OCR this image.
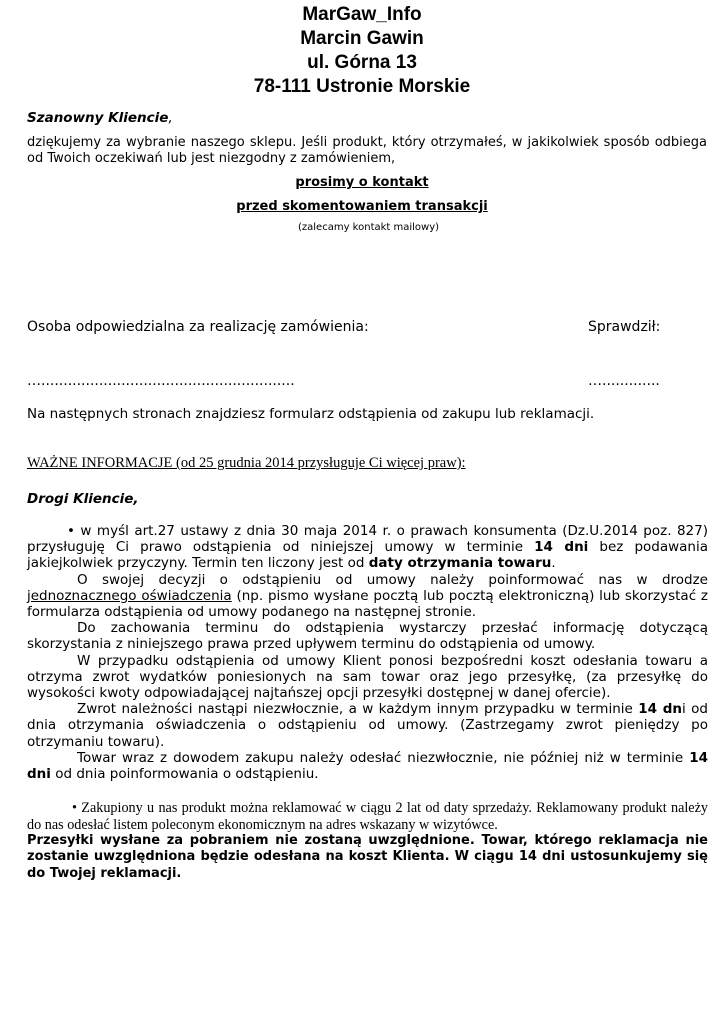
MarGaw_Info
Marcin Gawin
ul. Górna 13
78-111 Ustronie Morskie
Szanowny Kliencie,
dziękujemy za wybranie naszego sklepu. Jeśli produkt, który otrzymałeś, w jakikolwiek sposób odbiega od Twoich oczekiwań lub jest niezgodny z zamówieniem,
prosimy o kontakt
przed skomentowaniem transakcji
(zalecamy kontakt mailowy)
Osoba odpowiedzialna za realizację zamówienia:	Sprawdził:
….........................................................	….............
Na następnych stronach znajdziesz formularz odstąpienia od zakupu lub reklamacji.
WAŻNE INFORMACJE (od 25 grudnia 2014 przysługuje Ci więcej praw):
Drogi Kliencie,

• w myśl art.27 ustawy z dnia 30 maja 2014 r. o prawach konsumenta (Dz.U.2014 poz. 827) przysługuję Ci prawo odstąpienia od niniejszej umowy w terminie 14 dni bez podawania jakiejkolwiek przyczyny. Termin ten liczony jest od daty otrzymania towaru.

O swojej decyzji o odstąpieniu od umowy należy poinformować nas w drodze jednoznacznego oświadczenia (np. pismo wysłane pocztą lub pocztą elektroniczną) lub skorzystać z formularza odstąpienia od umowy podanego na następnej stronie.

Do zachowania terminu do odstąpienia wystarczy przesłać informację dotyczącą skorzystania z niniejszego prawa przed upływem terminu do odstąpienia od umowy.

W przypadku odstąpienia od umowy Klient ponosi bezpośredni koszt odesłania towaru a otrzyma zwrot wydatków poniesionych na sam towar oraz jego przesyłkę, (za przesyłkę do wysokości kwoty odpowiadającej najtańszej opcji przesyłki dostępnej w danej ofercie).

Zwrot należności nastąpi niezwłocznie, a w każdym innym przypadku w terminie 14 dni od dnia otrzymania oświadczenia o odstąpieniu od umowy. (Zastrzegamy zwrot pieniędzy po otrzymaniu towaru).

Towar wraz z dowodem zakupu należy odesłać niezwłocznie, nie później niż w terminie 14 dni od dnia poinformowania o odstąpieniu.

• Zakupiony u nas produkt można reklamować w ciągu 2 lat od daty sprzedaży. Reklamowany produkt należy do nas odesłać listem poleconym ekonomicznym na adres wskazany w wizytówce.
Przesyłki wysłane za pobraniem nie zostaną uwzględnione. Towar, którego reklamacja nie zostanie uwzględniona będzie odesłana na koszt Klienta. W ciągu 14 dni ustosunkujemy się do Twojej reklamacji.
